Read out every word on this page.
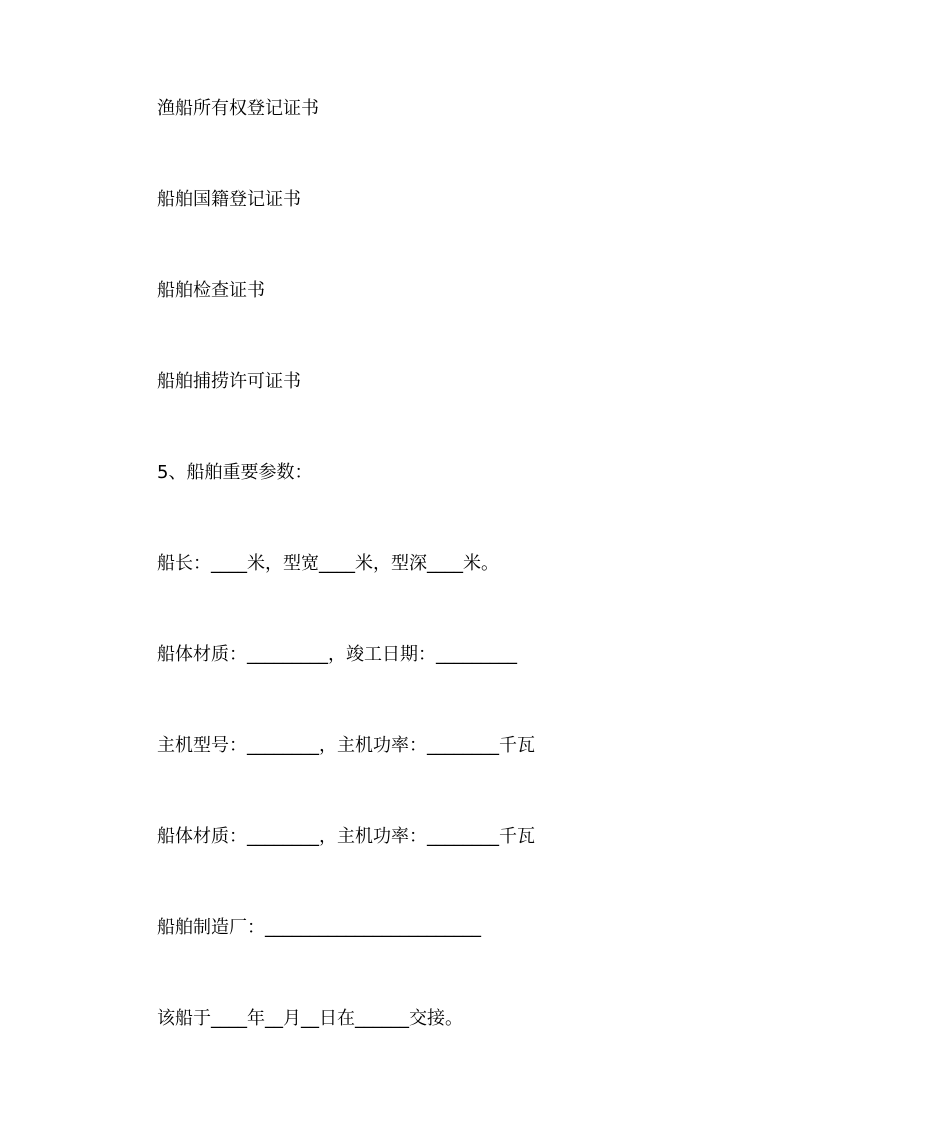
渔船所有权登记证书
船舶国籍登记证书
船舶检查证书
船舶捕捞许可证书
5、船舶重要参数：
船长：____米，型宽____米，型深____米。
船体材质：_________，竣工日期：_________
主机型号：________，主机功率：________千瓦
船体材质：________，主机功率：________千瓦
船舶制造厂：________________________
该船于____年__月__日在______交接。
